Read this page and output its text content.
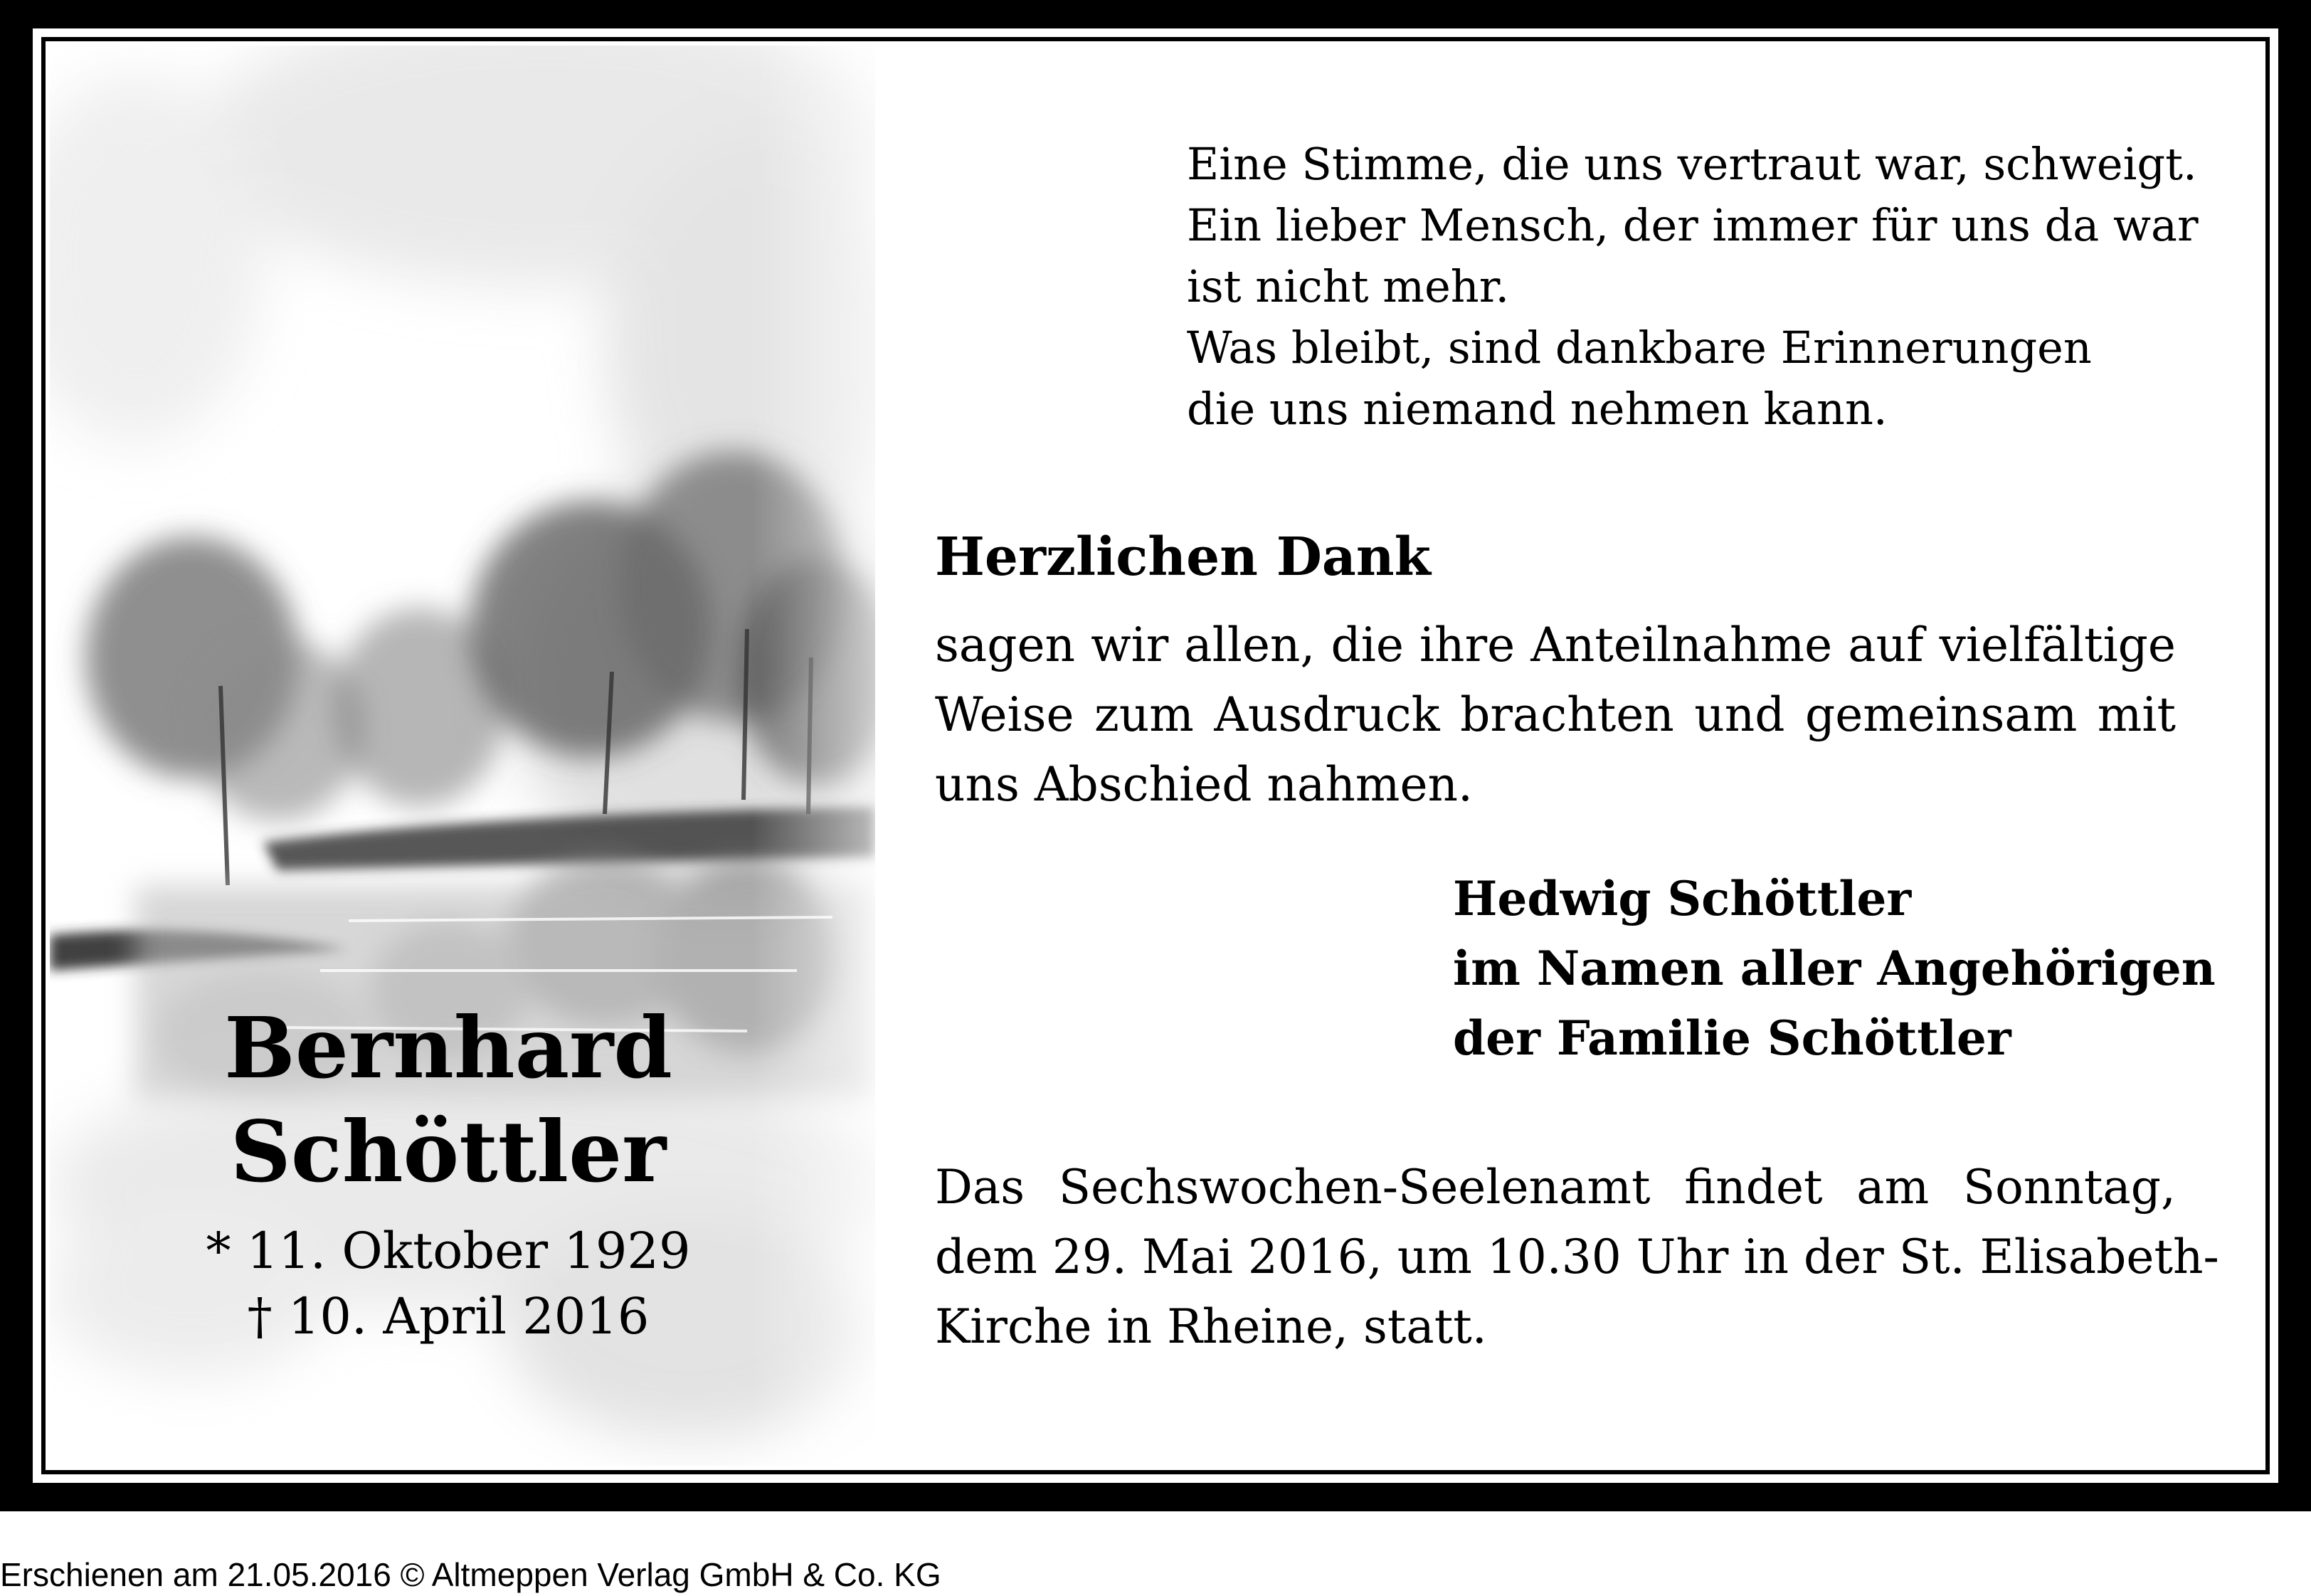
Bernhard
Schöttler
* 11. Oktober 1929
† 10. April 2016
Eine Stimme, die uns vertraut war, schweigt.
Ein lieber Mensch, der immer für uns da war
ist nicht mehr.
Was bleibt, sind dankbare Erinnerungen
die uns niemand nehmen kann.
Herzlichen Dank
sagen wir allen, die ihre Anteilnahme auf vielfältige
Weise zum Ausdruck brachten und gemeinsam mit
uns Abschied nahmen.
Hedwig Schöttler
im Namen aller Angehörigen
der Familie Schöttler
Das Sechswochen-Seelenamt findet am Sonntag,
dem 29. Mai 2016, um 10.30 Uhr in der St. Elisabeth-
Kirche in Rheine, statt.
Erschienen am 21.05.2016 © Altmeppen Verlag GmbH & Co. KG
